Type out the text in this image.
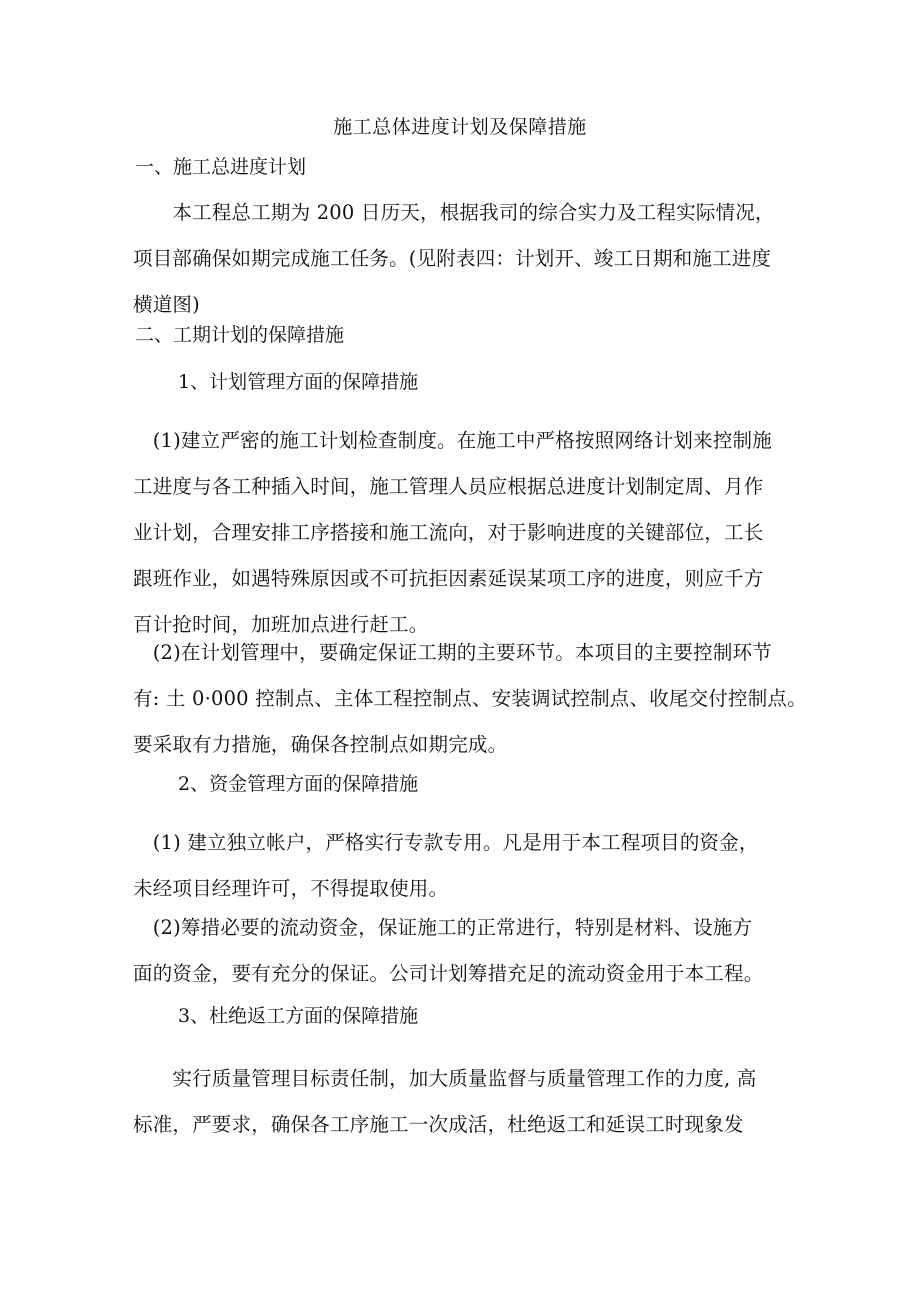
施工总体进度计划及保障措施
一、施工总进度计划
　　本工程总工期为 200 日历天，根据我司的综合实力及工程实际情况，
项目部确保如期完成施工任务。(见附表四：计划开、竣工日期和施工进度
横道图)
二、工期计划的保障措施
1、计划管理方面的保障措施
　(1)建立严密的施工计划检查制度。在施工中严格按照网络计划来控制施
工进度与各工种插入时间，施工管理人员应根据总进度计划制定周、月作
业计划，合理安排工序搭接和施工流向，对于影响进度的关键部位，工长
跟班作业，如遇特殊原因或不可抗拒因素延误某项工序的进度，则应千方
百计抢时间，加班加点进行赶工。
　(2)在计划管理中，要确定保证工期的主要环节。本项目的主要控制环节
有: 土 0·000 控制点、主体工程控制点、安装调试控制点、收尾交付控制点。
要采取有力措施，确保各控制点如期完成。
2、资金管理方面的保障措施
　(1) 建立独立帐户，严格实行专款专用。凡是用于本工程项目的资金，
未经项目经理许可，不得提取使用。
　(2)筹措必要的流动资金，保证施工的正常进行，特别是材料、设施方
面的资金，要有充分的保证。公司计划筹措充足的流动资金用于本工程。
3、杜绝返工方面的保障措施
　　实行质量管理目标责任制，加大质量监督与质量管理工作的力度, 高
标准，严要求，确保各工序施工一次成活，杜绝返工和延误工时现象发
